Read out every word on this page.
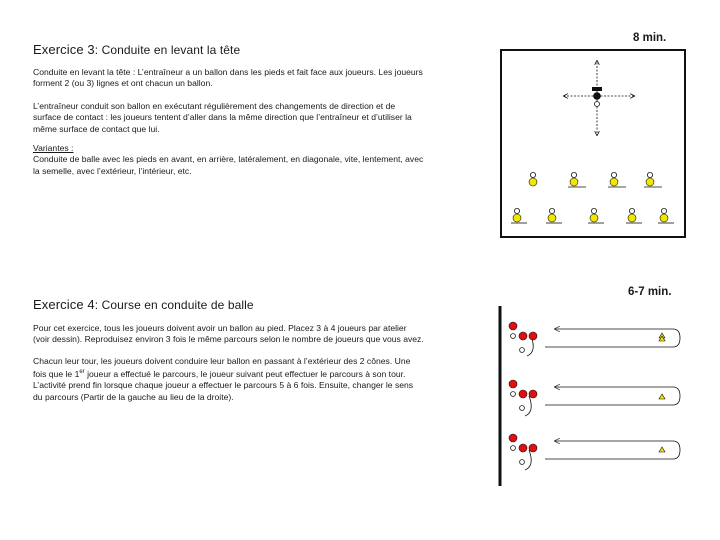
Exercice 3: Conduite en levant la tête
8 min.

Conduite en levant la tête : L’entraîneur a un ballon dans les pieds et fait face aux joueurs. Les joueurs forment 2 (ou 3) lignes et ont chacun un ballon.

L’entraîneur conduit son ballon en exécutant régulièrement des changements de direction et de surface de contact : les joueurs tentent d’aller dans la même direction que l’entraîneur et d’utiliser la même surface de contact que lui.

Variantes :

Conduite de balle avec les pieds en avant, en arrière, latéralement, en diagonale, vite, lentement, avec la semelle, avec l’extérieur, l’intérieur, etc.

Exercice 4: Course en conduite de balle
6-7 min.

Pour cet exercice, tous les joueurs doivent avoir un ballon au pied. Placez 3 à 4 joueurs par atelier (voir dessin). Reproduisez environ 3 fois le même parcours selon le nombre de joueurs que vous avez.

Chacun leur tour, les joueurs doivent conduire leur ballon en passant à l’extérieur des 2 cônes. Une fois que le 1er joueur a effectué le parcours, le joueur suivant peut effectuer le parcours à son tour. L’activité prend fin lorsque chaque joueur a effectuer le parcours 5 à 6 fois. Ensuite, changer le sens du parcours (Partir de la gauche au lieu de la droite).
